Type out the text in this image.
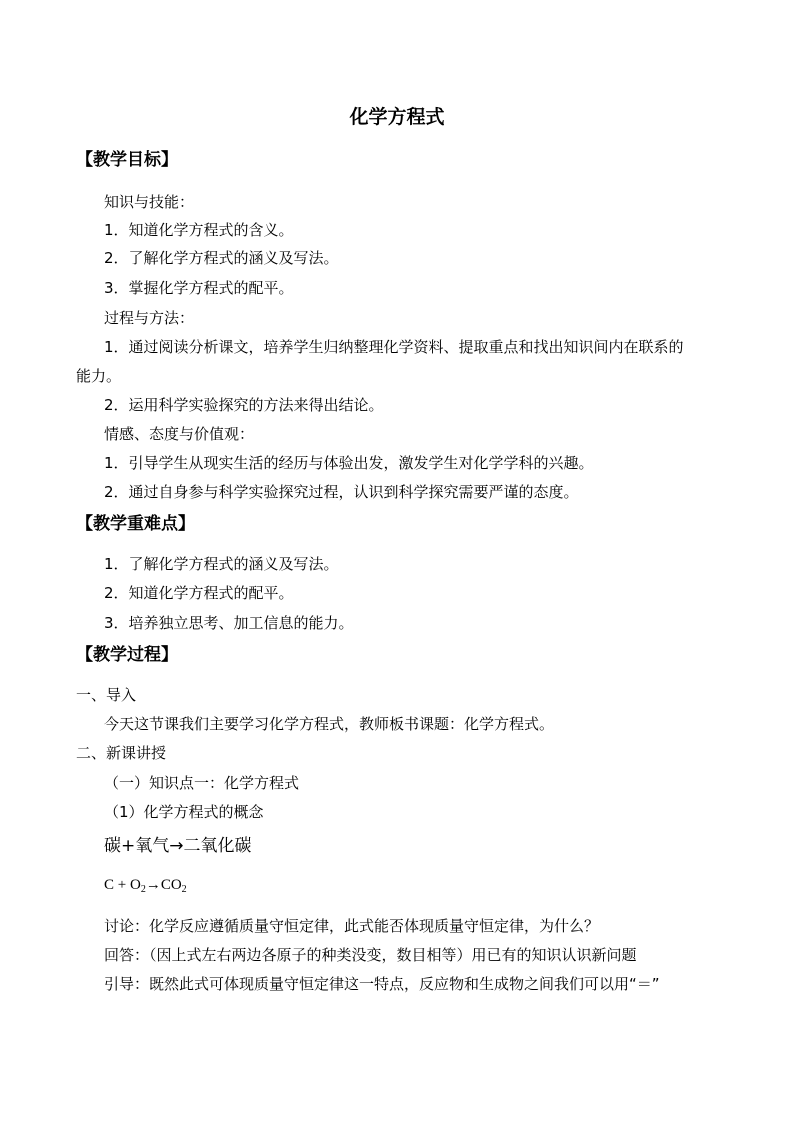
化学方程式
【教学目标】
知识与技能：
1．知道化学方程式的含义。
2．了解化学方程式的涵义及写法。
3．掌握化学方程式的配平。
过程与方法：
1．通过阅读分析课文，培养学生归纳整理化学资料、提取重点和找出知识间内在联系的
能力。
2．运用科学实验探究的方法来得出结论。
情感、态度与价值观：
1．引导学生从现实生活的经历与体验出发，激发学生对化学学科的兴趣。
2．通过自身参与科学实验探究过程，认识到科学探究需要严谨的态度。
【教学重难点】
1．了解化学方程式的涵义及写法。
2．知道化学方程式的配平。
3．培养独立思考、加工信息的能力。
【教学过程】
一、导入
今天这节课我们主要学习化学方程式，教师板书课题：化学方程式。
二、新课讲授
（一）知识点一：化学方程式
（1）化学方程式的概念
碳+氧气→二氧化碳
$C + O_2\to CO_2$
讨论：化学反应遵循质量守恒定律，此式能否体现质量守恒定律，为什么？
回答：（因上式左右两边各原子的种类没变，数目相等）用已有的知识认识新问题
引导：既然此式可体现质量守恒定律这一特点，反应物和生成物之间我们可以用“＝”
